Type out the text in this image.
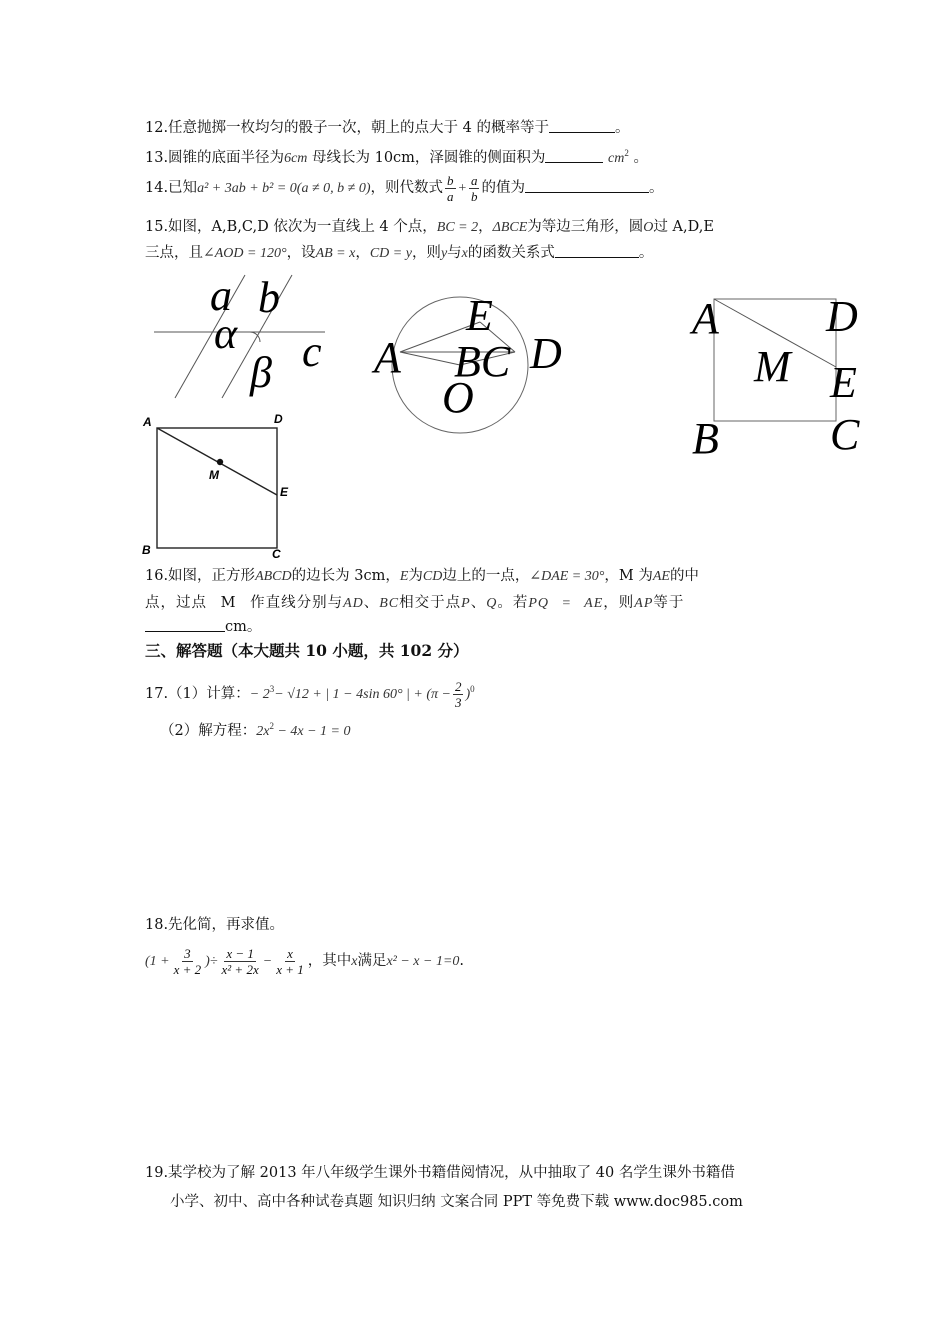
12.任意抛掷一枚均匀的骰子一次，朝上的点大于 4 的概率等于	。
13.圆锥的底面半径为6cm 母线长为 10cm，泽圆锥的侧面积为	$cm^2$ 。
14.已知a² + 3ab + b² = 0(a ≠ 0, b ≠ 0)，则代数式 $\frac{b}{a} + \frac{a}{b}$ 的值为	。
15.如图，A,B,C,D 依次为一直线上 4 个点，BC = 2，ΔBCE为等边三角形，圆O过 A,D,E
三点，且∠AOD = 120°，设AB = x，CD = y，则y与x的函数关系式	。
a b
α c
β A
E
BC D
O
A D
M E
B	C
A	D
M
E
B	C
16.如图，正方形ABCD的边长为 3cm，E为CD边上的一点，∠DAE = 30°，M 为AE的中
点，过点 M 作直线分别与AD、BC相交于点P、Q。若PQ = AE，则AP等于
cm。
三、解答题（本大题共 10 小题，共 102 分）
17.（1）计算：− $2^3- √12$ + | 1 − 4sin 60° | + $(\pi - \frac{2}{3} )^0$
（2）解方程：$2x^2 - 4x - 1 = 0$
18.先化简，再求值。
($1 + \frac{3}{x + 2}$ )÷ $\frac{x - 1}{\text{x² + 2x}} - \frac{x}{x + 1}$ ，其中x满足x² − x − 1=0.
19.某学校为了解 2013 年八年级学生课外书籍借阅情况，从中抽取了 40 名学生课外书籍借
小学、初中、高中各种试卷真题 知识归纳 文案合同 PPT 等免费下载 www.doc985.com
